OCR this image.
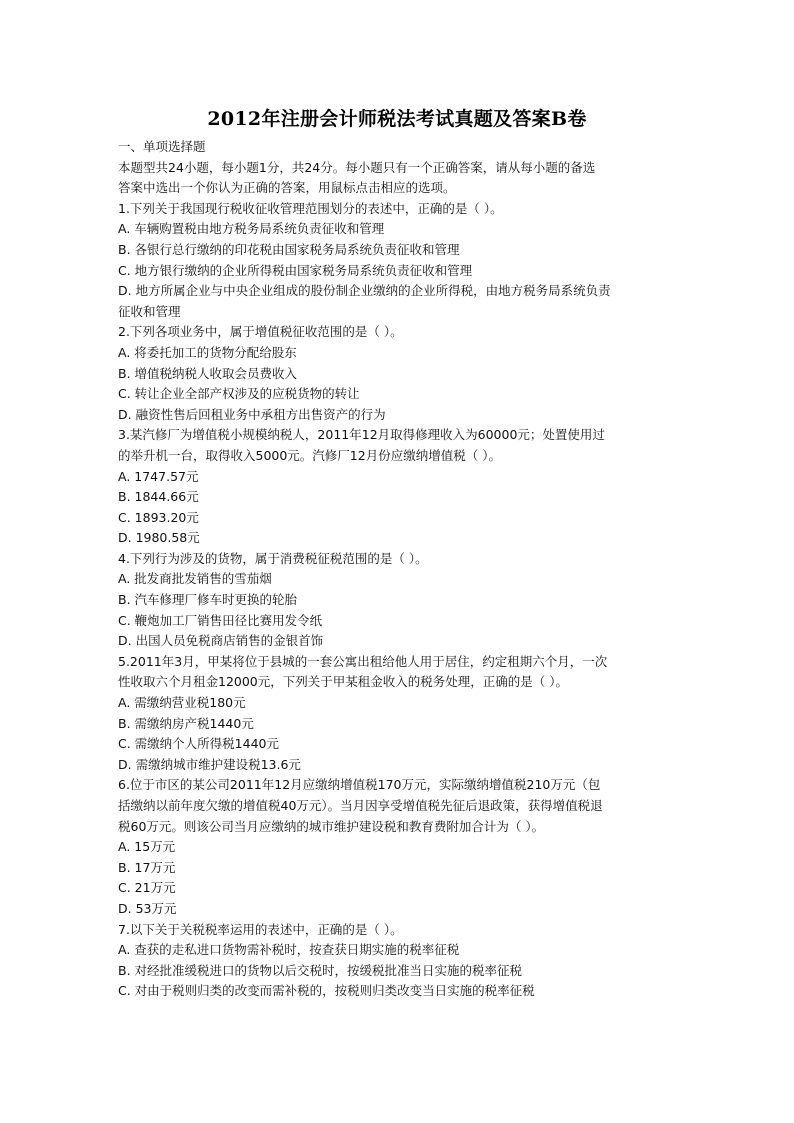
2012年注册会计师税法考试真题及答案B卷
一、单项选择题
本题型共24小题，每小题1分，共24分。每小题只有一个正确答案，请从每小题的备选
答案中选出一个你认为正确的答案，用鼠标点击相应的选项。
1.下列关于我国现行税收征收管理范围划分的表述中，正确的是（ ）。
A. 车辆购置税由地方税务局系统负责征收和管理
B. 各银行总行缴纳的印花税由国家税务局系统负责征收和管理
C. 地方银行缴纳的企业所得税由国家税务局系统负责征收和管理
D. 地方所属企业与中央企业组成的股份制企业缴纳的企业所得税，由地方税务局系统负责
征收和管理
2.下列各项业务中，属于增值税征收范围的是（ ）。
A. 将委托加工的货物分配给股东
B. 增值税纳税人收取会员费收入
C. 转让企业全部产权涉及的应税货物的转让
D. 融资性售后回租业务中承租方出售资产的行为
3.某汽修厂为增值税小规模纳税人，2011年12月取得修理收入为60000元；处置使用过
的举升机一台，取得收入5000元。汽修厂12月份应缴纳增值税（ ）。
A. 1747.57元
B. 1844.66元
C. 1893.20元
D. 1980.58元
4.下列行为涉及的货物，属于消费税征税范围的是（ ）。
A. 批发商批发销售的雪茄烟
B. 汽车修理厂修车时更换的轮胎
C. 鞭炮加工厂销售田径比赛用发令纸
D. 出国人员免税商店销售的金银首饰
5.2011年3月，甲某将位于县城的一套公寓出租给他人用于居住，约定租期六个月，一次
性收取六个月租金12000元，下列关于甲某租金收入的税务处理，正确的是（ ）。
A. 需缴纳营业税180元
B. 需缴纳房产税1440元
C. 需缴纳个人所得税1440元
D. 需缴纳城市维护建设税13.6元
6.位于市区的某公司2011年12月应缴纳增值税170万元，实际缴纳增值税210万元（包
括缴纳以前年度欠缴的增值税40万元）。当月因享受增值税先征后退政策，获得增值税退
税60万元。则该公司当月应缴纳的城市维护建设税和教育费附加合计为（ ）。
A. 15万元
B. 17万元
C. 21万元
D. 53万元
7.以下关于关税税率运用的表述中，正确的是（ ）。
A. 查获的走私进口货物需补税时，按查获日期实施的税率征税
B. 对经批准缓税进口的货物以后交税时，按缓税批准当日实施的税率征税
C. 对由于税则归类的改变而需补税的，按税则归类改变当日实施的税率征税
